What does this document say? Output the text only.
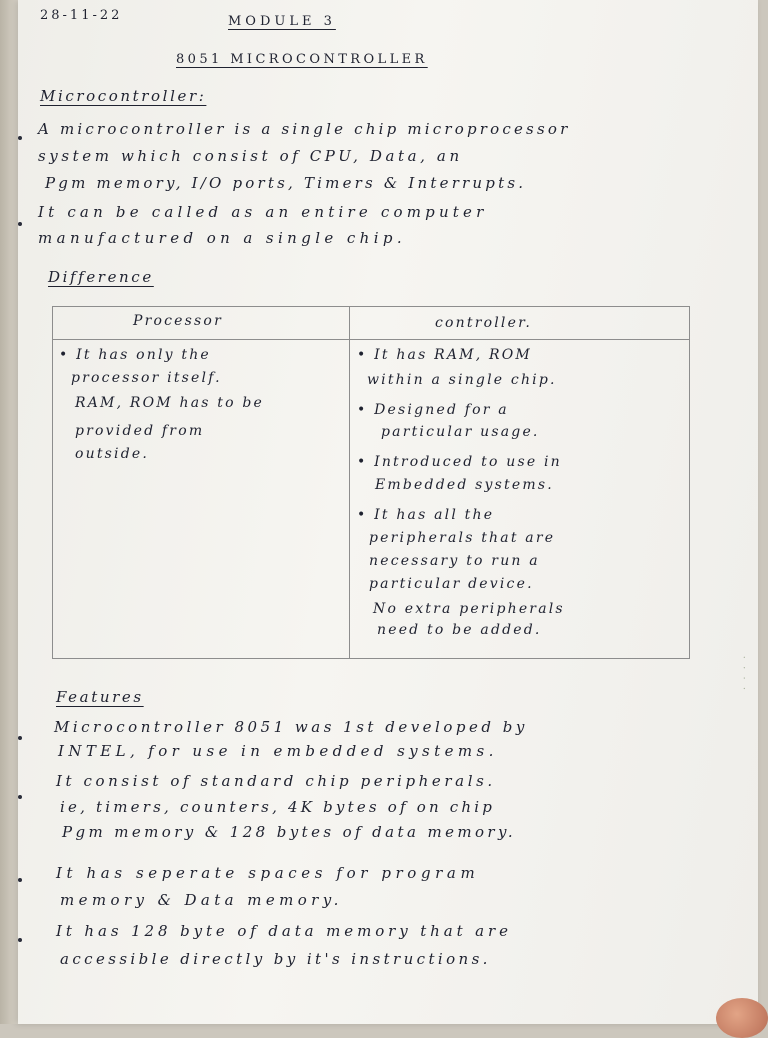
· · · ·
28-11-22	MODULE 3
8051 MICROCONTROLLER
Microcontroller:
A microcontroller is a single chip microprocessor
system which consist of CPU, Data, an
Pgm memory, I/O ports, Timers & Interrupts.
It can be called as an entire computer
manufactured on a single chip.
Difference
Processor	controller.
• It has only the
processor itself.
RAM, ROM has to be
provided from
outside.
• It has RAM, ROM
within a single chip.
• Designed for a
particular usage.
• Introduced to use in
Embedded systems.
• It has all the
peripherals that are
necessary to run a
particular device.
No extra peripherals
need to be added.
Features
Microcontroller 8051 was 1st developed by
INTEL, for use in embedded systems.
It consist of standard chip peripherals.
ie, timers, counters, 4K bytes of on chip
Pgm memory & 128 bytes of data memory.
It has seperate spaces for program
memory & Data memory.
It has 128 byte of data memory that are
accessible directly by it's instructions.
